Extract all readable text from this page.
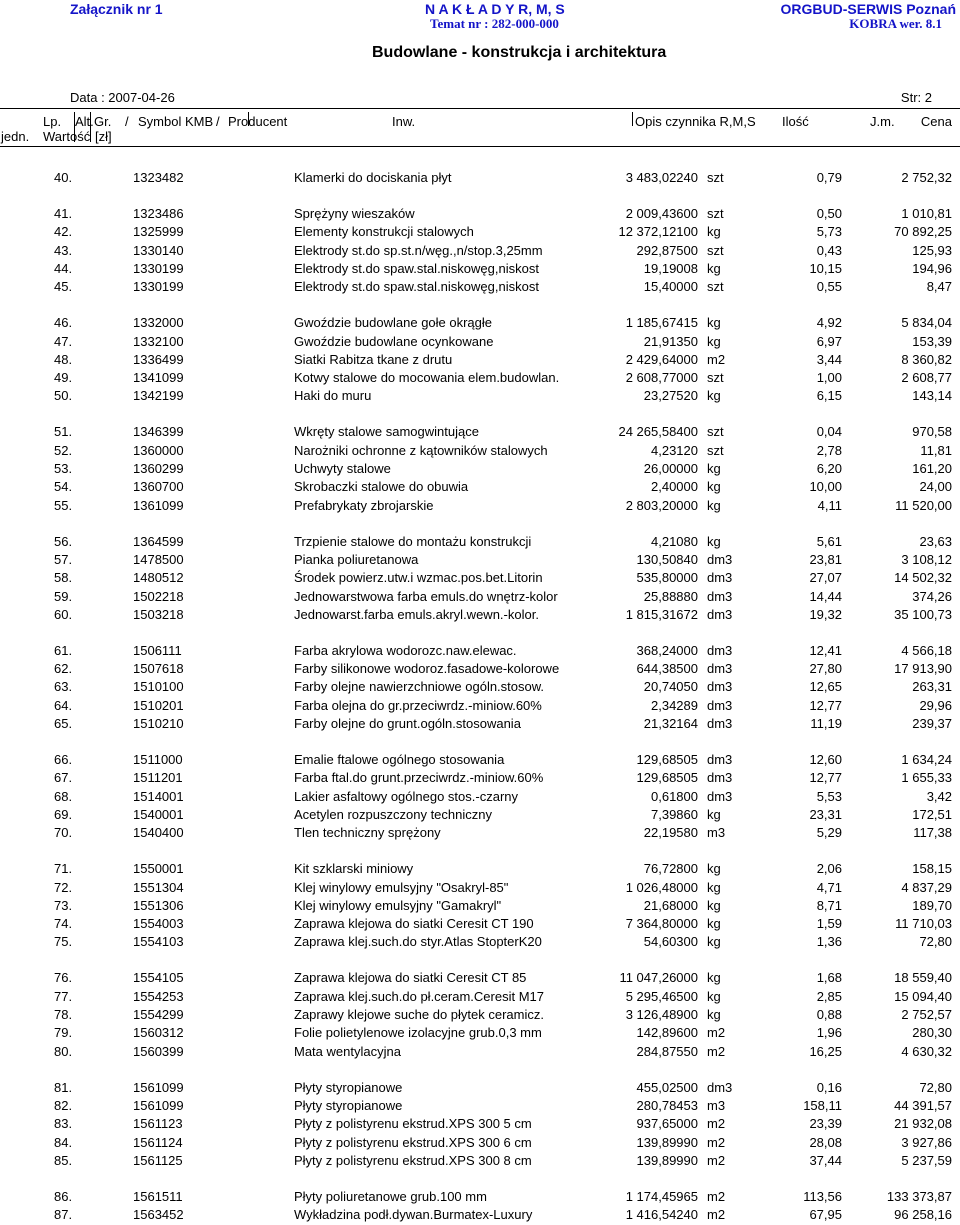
Załącznik nr 1	N A K Ł A D Y R, M, S
Temat nr : 282-000-000
ORGBUD-SERWIS Poznań
KOBRA wer. 8.1
Budowlane - konstrukcja i architektura
Data : 2007-04-26	Str: 2
Lp. Alt. Gr. / Symbol KMB / Producent	Inw.	Opis czynnika R,M,S Ilość	J.m. Cena
jedn. Wartość [zł]
40.	1323482	Klamerki do dociskania płyt	3 483,02240 szt	0,79	2 752,32
41.	1323486	Sprężyny wieszaków	2 009,43600 szt	0,50	1 010,81
42.	1325999	Elementy konstrukcji stalowych	12 372,12100 kg	5,73	70 892,25
43.	1330140	Elektrody st.do sp.st.n/węg.,n/stop.3,25mm	292,87500 szt	0,43	125,93
44.	1330199	Elektrody st.do spaw.stal.niskowęg,niskost	19,19008 kg	10,15	194,96
45.	1330199	Elektrody st.do spaw.stal.niskowęg,niskost	15,40000 szt	0,55	8,47
46.	1332000	Gwoździe budowlane gołe okrągłe	1 185,67415 kg	4,92	5 834,04
47.	1332100	Gwoździe budowlane ocynkowane	21,91350 kg	6,97	153,39
48.	1336499	Siatki Rabitza tkane z drutu	2 429,64000 m2	3,44	8 360,82
49.	1341099	Kotwy stalowe do mocowania elem.budowlan.	2 608,77000 szt	1,00	2 608,77
50.	1342199	Haki do muru	23,27520 kg	6,15	143,14
51.	1346399	Wkręty stalowe samogwintujące	24 265,58400 szt	0,04	970,58
52.	1360000	Narożniki ochronne z kątowników stalowych	4,23120 szt	2,78	11,81
53.	1360299	Uchwyty stalowe	26,00000 kg	6,20	161,20
54.	1360700	Skrobaczki stalowe do obuwia	2,40000 kg	10,00	24,00
55.	1361099	Prefabrykaty zbrojarskie	2 803,20000 kg	4,11	11 520,00
56.	1364599	Trzpienie stalowe do montażu konstrukcji	4,21080 kg	5,61	23,63
57.	1478500	Pianka poliuretanowa	130,50840 dm3	23,81	3 108,12
58.	1480512	Środek powierz.utw.i wzmac.pos.bet.Litorin	535,80000 dm3	27,07	14 502,32
59.	1502218	Jednowarstwowa farba emuls.do wnętrz-kolor	25,88880 dm3	14,44	374,26
60.	1503218	Jednowarst.farba emuls.akryl.wewn.-kolor.	1 815,31672 dm3	19,32	35 100,73
61.	1506111	Farba akrylowa wodorozc.naw.elewac.	368,24000 dm3	12,41	4 566,18
62.	1507618	Farby silikonowe wodoroz.fasadowe-kolorowe	644,38500 dm3	27,80	17 913,90
63.	1510100	Farby olejne nawierzchniowe ogóln.stosow.	20,74050 dm3	12,65	263,31
64.	1510201	Farba olejna do gr.przeciwrdz.-miniow.60%	2,34289 dm3	12,77	29,96
65.	1510210	Farby olejne do grunt.ogóln.stosowania	21,32164 dm3	11,19	239,37
66.	1511000	Emalie ftalowe ogólnego stosowania	129,68505 dm3	12,60	1 634,24
67.	1511201	Farba ftal.do grunt.przeciwrdz.-miniow.60%	129,68505 dm3	12,77	1 655,33
68.	1514001	Lakier asfaltowy ogólnego stos.-czarny	0,61800 dm3	5,53	3,42
69.	1540001	Acetylen rozpuszczony techniczny	7,39860 kg	23,31	172,51
70.	1540400	Tlen techniczny sprężony	22,19580 m3	5,29	117,38
71.	1550001	Kit szklarski miniowy	76,72800 kg	2,06	158,15
72.	1551304	Klej winylowy emulsyjny "Osakryl-85"	1 026,48000 kg	4,71	4 837,29
73.	1551306	Klej winylowy emulsyjny "Gamakryl"	21,68000 kg	8,71	189,70
74.	1554003	Zaprawa klejowa do siatki Ceresit CT 190	7 364,80000 kg	1,59	11 710,03
75.	1554103	Zaprawa klej.such.do styr.Atlas StopterK20	54,60300 kg	1,36	72,80
76.	1554105	Zaprawa klejowa do siatki Ceresit CT 85	11 047,26000 kg	1,68	18 559,40
77.	1554253	Zaprawa klej.such.do pł.ceram.Ceresit M17	5 295,46500 kg	2,85	15 094,40
78.	1554299	Zaprawy klejowe suche do płytek ceramicz.	3 126,48900 kg	0,88	2 752,57
79.	1560312	Folie polietylenowe izolacyjne grub.0,3 mm	142,89600 m2	1,96	280,30
80.	1560399	Mata wentylacyjna	284,87550 m2	16,25	4 630,32
81.	1561099	Płyty styropianowe	455,02500 dm3	0,16	72,80
82.	1561099	Płyty styropianowe	280,78453 m3	158,11	44 391,57
83.	1561123	Płyty z polistyrenu ekstrud.XPS 300 5 cm	937,65000 m2	23,39	21 932,08
84.	1561124	Płyty z polistyrenu ekstrud.XPS 300 6 cm	139,89990 m2	28,08	3 927,86
85.	1561125	Płyty z polistyrenu ekstrud.XPS 300 8 cm	139,89990 m2	37,44	5 237,59
86.	1561511	Płyty poliuretanowe grub.100 mm	1 174,45965 m2	113,56	133 373,87
87.	1563452	Wykładzina podł.dywan.Burmatex-Luxury	1 416,54240 m2	67,95	96 258,16
